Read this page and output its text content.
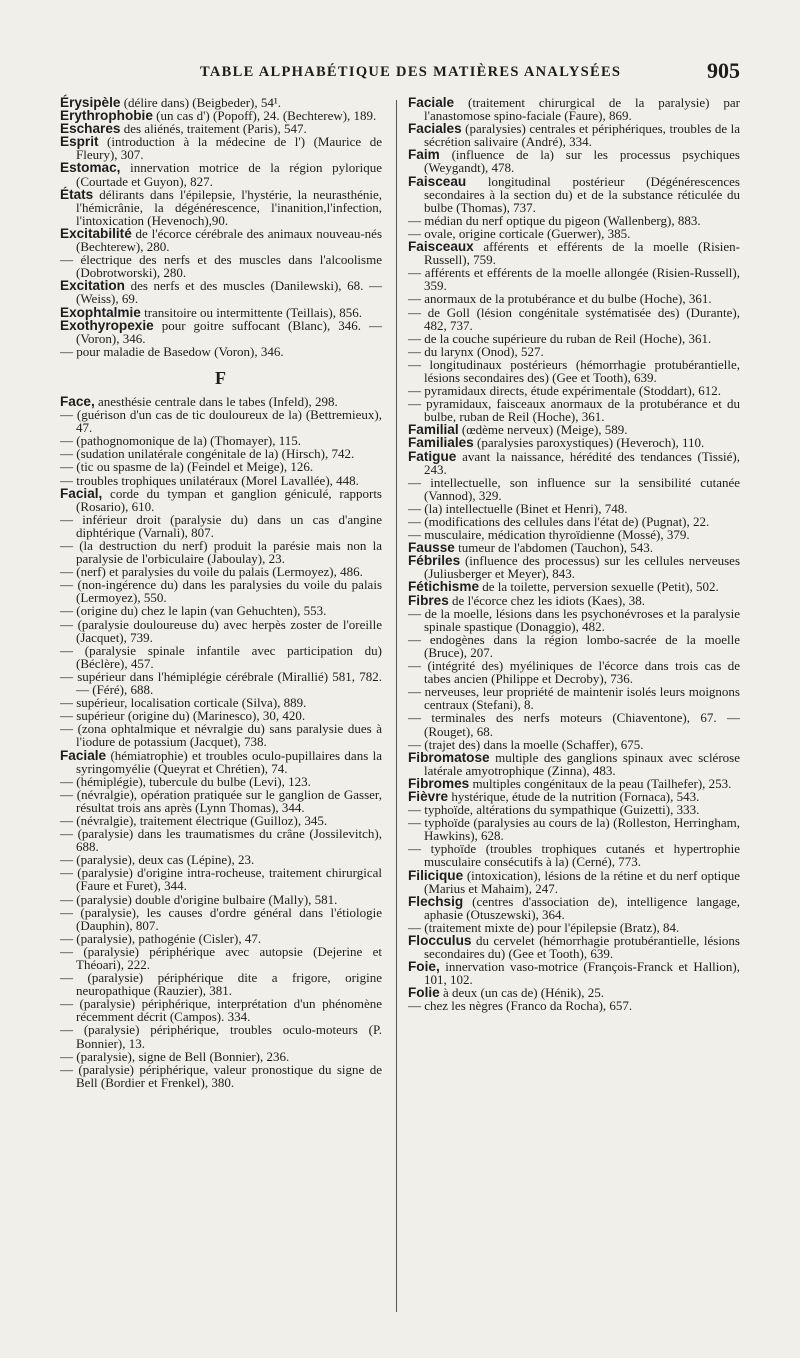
TABLE ALPHABÉTIQUE DES MATIÈRES ANALYSÉES	905

Érysipèle (délire dans) (Beigbeder), 54¹.

Erythrophobie (un cas d') (Popoff), 24. (Bechterew), 189.

Eschares des aliénés, traitement (Paris), 547.

Esprit (introduction à la médecine de l') (Maurice de Fleury), 307.

Estomac, innervation motrice de la région pylorique (Courtade et Guyon), 827.

États délirants dans l'épilepsie, l'hystérie, la neurasthénie, l'hémicrânie, la dégénérescence, l'inanition,l'infection, l'intoxication (Hevenoch),90.

Excitabilité de l'écorce cérébrale des animaux nouveau-nés (Bechterew), 280.

— électrique des nerfs et des muscles dans l'alcoolisme (Dobrotworski), 280.

Excitation des nerfs et des muscles (Danilewski), 68. — (Weiss), 69.

Exophtalmie transitoire ou intermittente (Teillais), 856.

Exothyropexie pour goitre suffocant (Blanc), 346. — (Voron), 346.

— pour maladie de Basedow (Voron), 346.

F

Face, anesthésie centrale dans le tabes (Infeld), 298.

— (guérison d'un cas de tic douloureux de la) (Bettremieux), 47.

— (pathognomonique de la) (Thomayer), 115.

— (sudation unilatérale congénitale de la) (Hirsch), 742.

— (tic ou spasme de la) (Feindel et Meige), 126.

— troubles trophiques unilatéraux (Morel Lavallée), 448.

Facial, corde du tympan et ganglion géniculé, rapports (Rosario), 610.

— inférieur droit (paralysie du) dans un cas d'angine diphtérique (Varnali), 807.

— (la destruction du nerf) produit la parésie mais non la paralysie de l'orbiculaire (Jaboulay), 23.

— (nerf) et paralysies du voile du palais (Lermoyez), 486.

— (non-ingérence du) dans les paralysies du voile du palais (Lermoyez), 550.

— (origine du) chez le lapin (van Gehuchten), 553.

— (paralysie douloureuse du) avec herpès zoster de l'oreille (Jacquet), 739.

— (paralysie spinale infantile avec participation du) (Béclère), 457.

— supérieur dans l'hémiplégie cérébrale (Mirallié) 581, 782. — (Féré), 688.

— supérieur, localisation corticale (Silva), 889.

— supérieur (origine du) (Marinesco), 30, 420.

— (zona ophtalmique et névralgie du) sans paralysie dues à l'iodure de potassium (Jacquet), 738.

Faciale (hémiatrophie) et troubles oculo-pupillaires dans la syringomyélie (Queyrat et Chrétien), 74.

— (hémiplégie), tubercule du bulbe (Levi), 123.

— (névralgie), opération pratiquée sur le ganglion de Gasser, résultat trois ans après (Lynn Thomas), 344.

— (névralgie), traitement électrique (Guilloz), 345.

— (paralysie) dans les traumatismes du crâne (Jossilevitch), 688.

— (paralysie), deux cas (Lépine), 23.

— (paralysie) d'origine intra-rocheuse, traitement chirurgical (Faure et Furet), 344.

— (paralysie) double d'origine bulbaire (Mally), 581.

— (paralysie), les causes d'ordre général dans l'étiologie (Dauphin), 807.

— (paralysie), pathogénie (Cisler), 47.

— (paralysie) périphérique avec autopsie (Dejerine et Théoari), 222.

— (paralysie) périphérique dite a frigore, origine neuropathique (Rauzier), 381.

— (paralysie) périphérique, interprétation d'un phénomène récemment décrit (Campos). 334.

— (paralysie) périphérique, troubles oculo-moteurs (P. Bonnier), 13.

— (paralysie), signe de Bell (Bonnier), 236.

— (paralysie) périphérique, valeur pronostique du signe de Bell (Bordier et Frenkel), 380.

Faciale (traitement chirurgical de la paralysie) par l'anastomose spino-faciale (Faure), 869.

Faciales (paralysies) centrales et périphériques, troubles de la sécrétion salivaire (André), 334.

Faim (influence de la) sur les processus psychiques (Weygandt), 478.

Faisceau longitudinal postérieur (Dégénérescences secondaires à la section du) et de la substance réticulée du bulbe (Thomas), 737.

— médian du nerf optique du pigeon (Wallenberg), 883.

— ovale, origine corticale (Guerwer), 385.

Faisceaux afférents et efférents de la moelle (Risien-Russell), 759.

— afférents et efférents de la moelle allongée (Risien-Russell), 359.

— anormaux de la protubérance et du bulbe (Hoche), 361.

— de Goll (lésion congénitale systématisée des) (Durante), 482, 737.

— de la couche supérieure du ruban de Reil (Hoche), 361.

— du larynx (Onod), 527.

— longitudinaux postérieurs (hémorrhagie protubérantielle, lésions secondaires des) (Gee et Tooth), 639.

— pyramidaux directs, étude expérimentale (Stoddart), 612.

— pyramidaux, faisceaux anormaux de la protubérance et du bulbe, ruban de Reil (Hoche), 361.

Familial (œdème nerveux) (Meige), 589.

Familiales (paralysies paroxystiques) (Heveroch), 110.

Fatigue avant la naissance, hérédité des tendances (Tissié), 243.

— intellectuelle, son influence sur la sensibilité cutanée (Vannod), 329.

— (la) intellectuelle (Binet et Henri), 748.

— (modifications des cellules dans l'état de) (Pugnat), 22.

— musculaire, médication thyroïdienne (Mossé), 379.

Fausse tumeur de l'abdomen (Tauchon), 543.

Fébriles (influence des processus) sur les cellules nerveuses (Juliusberger et Meyer), 843.

Fétichisme de la toilette, perversion sexuelle (Petit), 502.

Fibres de l'écorce chez les idiots (Kaes), 38.

— de la moelle, lésions dans les psychonévroses et la paralysie spinale spastique (Donaggio), 482.

— endogènes dans la région lombo-sacrée de la moelle (Bruce), 207.

— (intégrité des) myéliniques de l'écorce dans trois cas de tabes ancien (Philippe et Decroby), 736.

— nerveuses, leur propriété de maintenir isolés leurs moignons centraux (Stefani), 8.

— terminales des nerfs moteurs (Chiaventone), 67. — (Rouget), 68.

— (trajet des) dans la moelle (Schaffer), 675.

Fibromatose multiple des ganglions spinaux avec sclérose latérale amyotrophique (Zinna), 483.

Fibromes multiples congénitaux de la peau (Tailhefer), 253.

Fièvre hystérique, étude de la nutrition (Fornaca), 543.

— typhoïde, altérations du sympathique (Guizetti), 333.

— typhoïde (paralysies au cours de la) (Rolleston, Herringham, Hawkins), 628.

— typhoïde (troubles trophiques cutanés et hypertrophie musculaire consécutifs à la) (Cerné), 773.

Filicique (intoxication), lésions de la rétine et du nerf optique (Marius et Mahaim), 247.

Flechsig (centres d'association de), intelligence langage, aphasie (Otuszewski), 364.

— (traitement mixte de) pour l'épilepsie (Bratz), 84.

Flocculus du cervelet (hémorrhagie protubérantielle, lésions secondaires du) (Gee et Tooth), 639.

Foie, innervation vaso-motrice (François-Franck et Hallion), 101, 102.

Folie à deux (un cas de) (Hénik), 25.

— chez les nègres (Franco da Rocha), 657.
